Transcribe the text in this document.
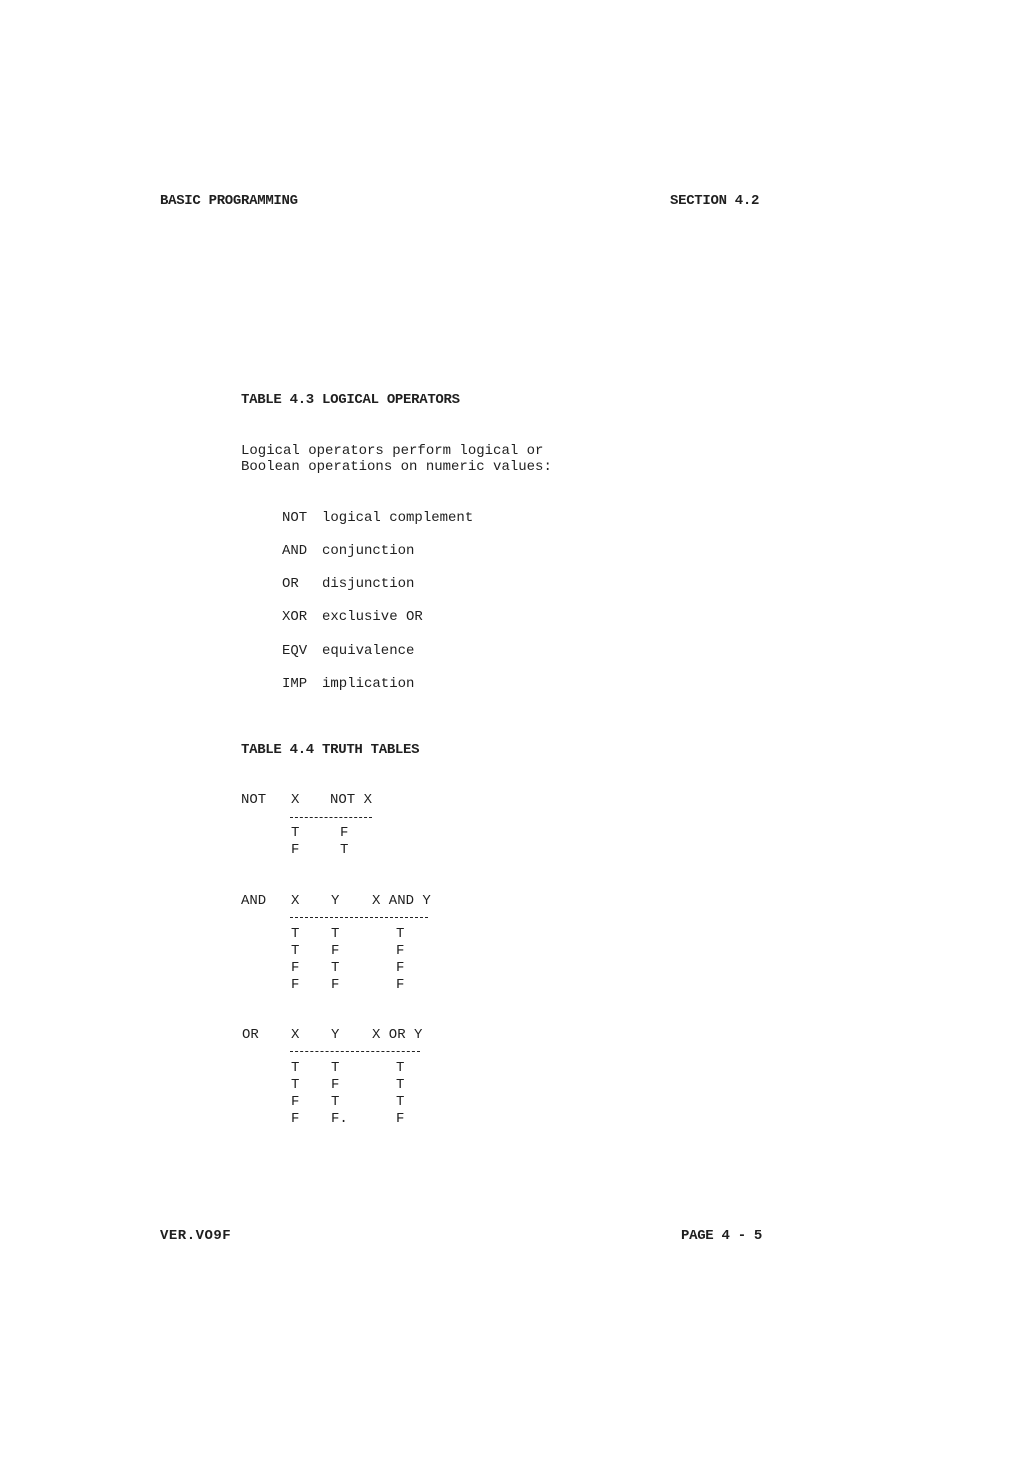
BASIC PROGRAMMING	SECTION 4.2
TABLE 4.3 LOGICAL OPERATORS
Logical operators perform logical or
Boolean operations on numeric values:
NOT logical complement
AND conjunction
OR disjunction
XOR exclusive OR
EQV equivalence
IMP implication
TABLE 4.4 TRUTH TABLES
NOT X NOT X
T	F
F	T
AND X Y X AND Y
T T	T
T F	F
F T	F
F F	F
OR X Y X OR Y
T T	T
T F	T
F T	T
F F.	F
VER.VO9F	PAGE 4 - 5
